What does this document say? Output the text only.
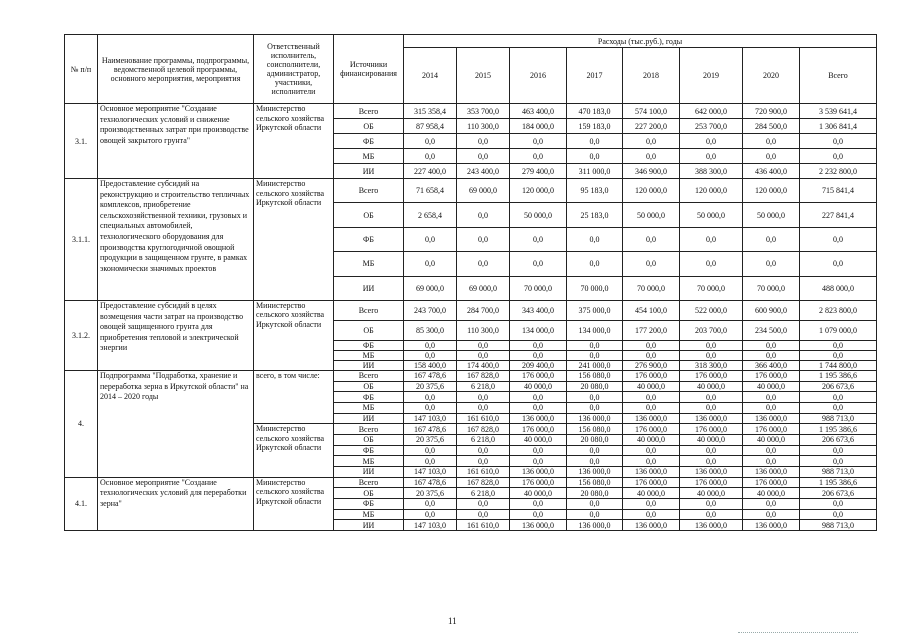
№ п/п	Наименование программы, подпрограммы, ведомственной целевой программы, основного мероприятия, мероприятия	Ответственный исполнитель, соисполнители, администратор, участники, исполнители	Источники финансирования	Расходы (тыс.руб.), годы							
				2014	2015	2016	2017	2018	2019	2020	Всего
3.1.	Основное мероприятие "Создание технологических условий и снижение производственных затрат при производстве овощей закрытого грунта"	Министерство сельского хозяйства Иркутской области	Всего	315 358,4	353 700,0	463 400,0	470 183,0	574 100,0	642 000,0	720 900,0	3 539 641,4
			ОБ	87 958,4	110 300,0	184 000,0	159 183,0	227 200,0	253 700,0	284 500,0	1 306 841,4
			ФБ	0,0	0,0	0,0	0,0	0,0	0,0	0,0	0,0
			МБ	0,0	0,0	0,0	0,0	0,0	0,0	0,0	0,0
			ИИ	227 400,0	243 400,0	279 400,0	311 000,0	346 900,0	388 300,0	436 400,0	2 232 800,0
3.1.1.	Предоставление субсидий на реконструкцию и строительство тепличных комплексов, приобретение сельскохозяйственной техники, грузовых и специальных автомобилей, технологического оборудования для производства круглогодичной овощной продукции в защищенном грунте, в рамках экономически значимых проектов	Министерство сельского хозяйства Иркутской области	Всего	71 658,4	69 000,0	120 000,0	95 183,0	120 000,0	120 000,0	120 000,0	715 841,4
			ОБ	2 658,4	0,0	50 000,0	25 183,0	50 000,0	50 000,0	50 000,0	227 841,4
			ФБ	0,0	0,0	0,0	0,0	0,0	0,0	0,0	0,0
			МБ	0,0	0,0	0,0	0,0	0,0	0,0	0,0	0,0
			ИИ	69 000,0	69 000,0	70 000,0	70 000,0	70 000,0	70 000,0	70 000,0	488 000,0
3.1.2.	Предоставление субсидий в целях возмещения части затрат на производство овощей защищенного грунта для приобретения тепловой и электрической энергии	Министерство сельского хозяйства Иркутской области	Всего	243 700,0	284 700,0	343 400,0	375 000,0	454 100,0	522 000,0	600 900,0	2 823 800,0
			ОБ	85 300,0	110 300,0	134 000,0	134 000,0	177 200,0	203 700,0	234 500,0	1 079 000,0
			ФБ	0,0	0,0	0,0	0,0	0,0	0,0	0,0	0,0
			МБ	0,0	0,0	0,0	0,0	0,0	0,0	0,0	0,0
			ИИ	158 400,0	174 400,0	209 400,0	241 000,0	276 900,0	318 300,0	366 400,0	1 744 800,0
4.	Подпрограмма "Подработка, хранение и переработка зерна в Иркутской области" на 2014 – 2020 годы	всего, в том числе:	Всего	167 478,6	167 828,0	176 000,0	156 080,0	176 000,0	176 000,0	176 000,0	1 195 386,6
			ОБ	20 375,6	6 218,0	40 000,0	20 080,0	40 000,0	40 000,0	40 000,0	206 673,6
			ФБ	0,0	0,0	0,0	0,0	0,0	0,0	0,0	0,0
			МБ	0,0	0,0	0,0	0,0	0,0	0,0	0,0	0,0
			ИИ	147 103,0	161 610,0	136 000,0	136 000,0	136 000,0	136 000,0	136 000,0	988 713,0
		Министерство сельского хозяйства Иркутской области	Всего	167 478,6	167 828,0	176 000,0	156 080,0	176 000,0	176 000,0	176 000,0	1 195 386,6
			ОБ	20 375,6	6 218,0	40 000,0	20 080,0	40 000,0	40 000,0	40 000,0	206 673,6
			ФБ	0,0	0,0	0,0	0,0	0,0	0,0	0,0	0,0
			МБ	0,0	0,0	0,0	0,0	0,0	0,0	0,0	0,0
			ИИ	147 103,0	161 610,0	136 000,0	136 000,0	136 000,0	136 000,0	136 000,0	988 713,0
4.1.	Основное мероприятие "Создание технологических условий для переработки зерна"	Министерство сельского хозяйства Иркутской области	Всего	167 478,6	167 828,0	176 000,0	156 080,0	176 000,0	176 000,0	176 000,0	1 195 386,6
			ОБ	20 375,6	6 218,0	40 000,0	20 080,0	40 000,0	40 000,0	40 000,0	206 673,6
			ФБ	0,0	0,0	0,0	0,0	0,0	0,0	0,0	0,0
			МБ	0,0	0,0	0,0	0,0	0,0	0,0	0,0	0,0
			ИИ	147 103,0	161 610,0	136 000,0	136 000,0	136 000,0	136 000,0	136 000,0	988 713,0
11
